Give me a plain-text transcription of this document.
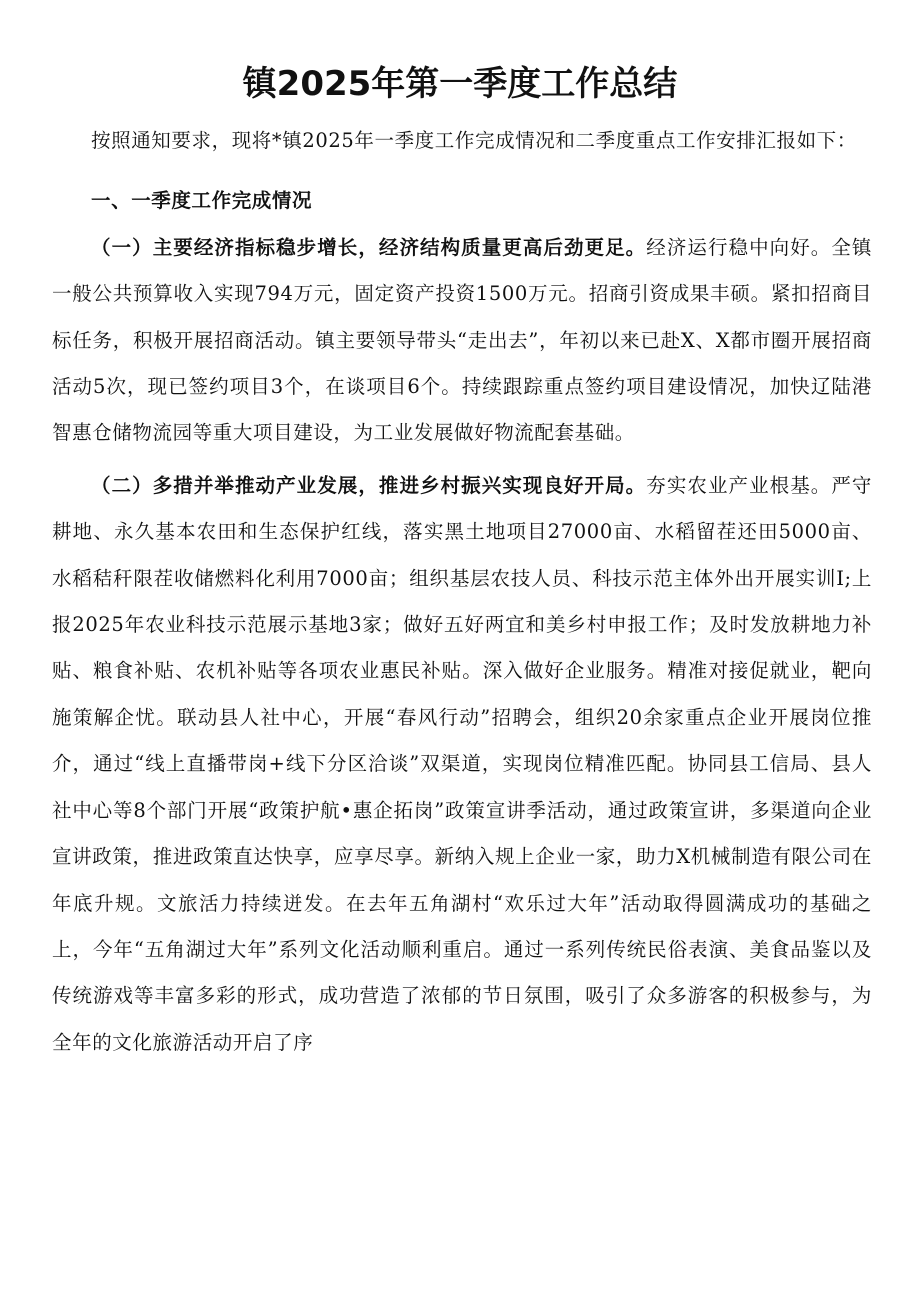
镇2025年第一季度工作总结

按照通知要求，现将*镇2025年一季度工作完成情况和二季度重点工作安排汇报如下：

一、一季度工作完成情况

（一）主要经济指标稳步增长，经济结构质量更高后劲更足。经济运行稳中向好。全镇一般公共预算收入实现794万元，固定资产投资1500万元。招商引资成果丰硕。紧扣招商目标任务，积极开展招商活动。镇主要领导带头“走出去”，年初以来已赴X、X都市圈开展招商活动5次，现已签约项目3个，在谈项目6个。持续跟踪重点签约项目建设情况，加快辽陆港智惠仓储物流园等重大项目建设，为工业发展做好物流配套基础。

（二）多措并举推动产业发展，推进乡村振兴实现良好开局。夯实农业产业根基。严守耕地、永久基本农田和生态保护红线，落实黑土地项目27000亩、水稻留茬还田5000亩、水稻秸秆限茬收储燃料化利用7000亩；组织基层农技人员、科技示范主体外出开展实训I;上报2025年农业科技示范展示基地3家；做好五好两宜和美乡村申报工作；及时发放耕地力补贴、粮食补贴、农机补贴等各项农业惠民补贴。深入做好企业服务。精准对接促就业，靶向施策解企忧。联动县人社中心，开展“春风行动”招聘会，组织20余家重点企业开展岗位推介，通过“线上直播带岗+线下分区洽谈”双渠道，实现岗位精准匹配。协同县工信局、县人社中心等8个部门开展“政策护航•惠企拓岗”政策宣讲季活动，通过政策宣讲，多渠道向企业宣讲政策，推进政策直达快享，应享尽享。新纳入规上企业一家，助力X机械制造有限公司在年底升规。文旅活力持续迸发。在去年五角湖村“欢乐过大年”活动取得圆满成功的基础之上，今年“五角湖过大年”系列文化活动顺利重启。通过一系列传统民俗表演、美食品鉴以及传统游戏等丰富多彩的形式，成功营造了浓郁的节日氛围，吸引了众多游客的积极参与，为全年的文化旅游活动开启了序
